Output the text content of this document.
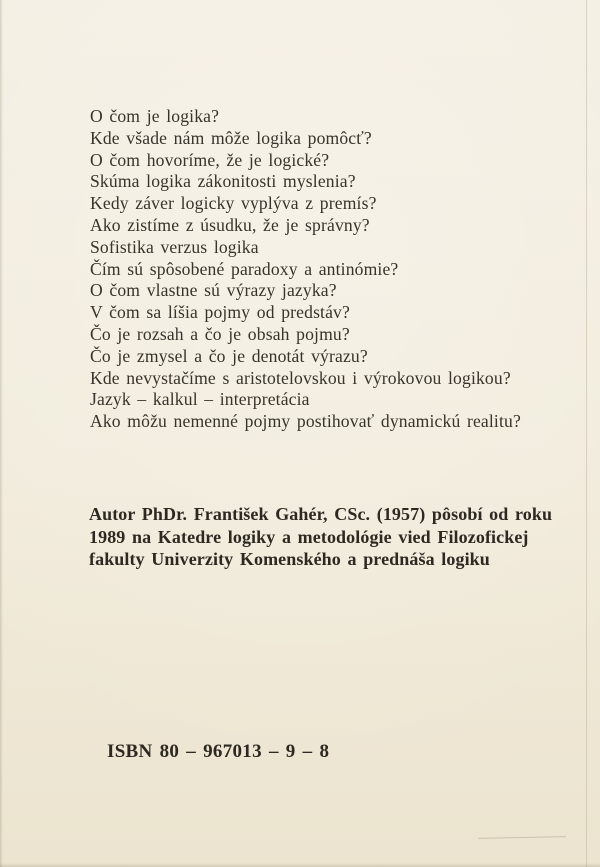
O čom je logika?
Kde všade nám môže logika pomôcť?
O čom hovoríme, že je logické?
Skúma logika zákonitosti myslenia?
Kedy záver logicky vyplýva z premís?
Ako zistíme z úsudku, že je správny?
Sofistika verzus logika
Čím sú spôsobené paradoxy a antinómie?
O čom vlastne sú výrazy jazyka?
V čom sa líšia pojmy od predstáv?
Čo je rozsah a čo je obsah pojmu?
Čo je zmysel a čo je denotát výrazu?
Kde nevystačíme s aristotelovskou i výrokovou logikou?
Jazyk – kalkul – interpretácia
Ako môžu nemenné pojmy postihovať dynamickú realitu?
Autor PhDr. František Gahér, CSc. (1957) pôsobí od roku
1989 na Katedre logiky a metodológie vied Filozofickej
fakulty Univerzity Komenského a prednáša logiku
ISBN 80 – 967013 – 9 – 8
